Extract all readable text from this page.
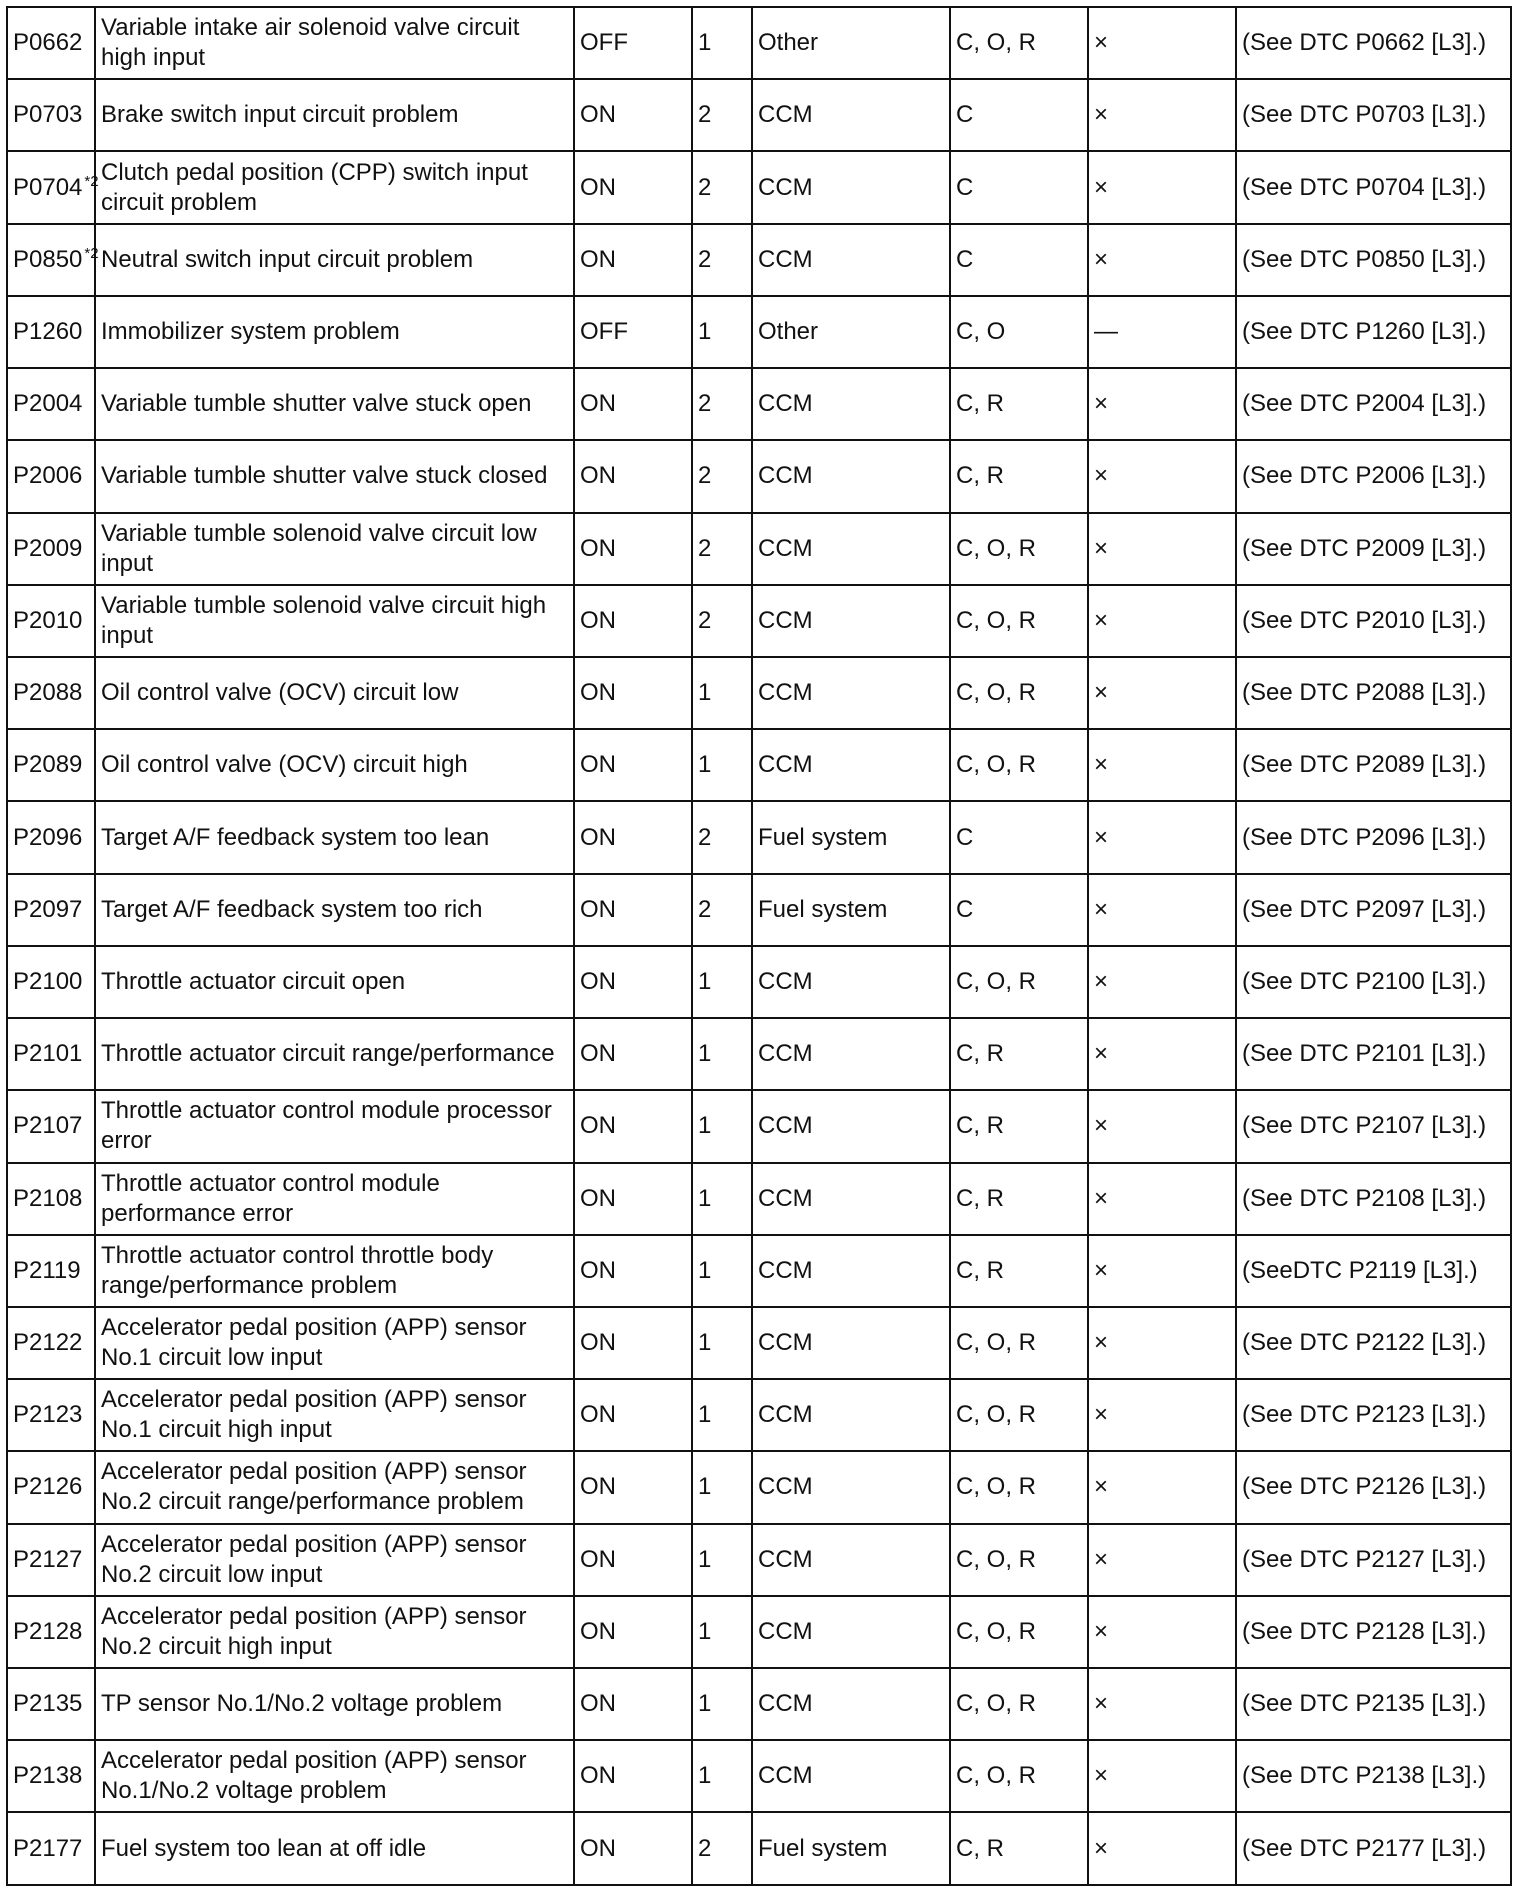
P0662	Variable intake air solenoid valve circuit high input	OFF	1	Other	C, O, R	×	(See DTC P0662 [L3].)
P0703	Brake switch input circuit problem	ON	2	CCM	C	×	(See DTC P0703 [L3].)
P0704 $^{*2}$	Clutch pedal position (CPP) switch input circuit problem	ON	2	CCM	C	×	(See DTC P0704 [L3].)
P0850 $^{*2}$	Neutral switch input circuit problem	ON	2	CCM	C	×	(See DTC P0850 [L3].)
P1260	Immobilizer system problem	OFF	1	Other	C, O	—	(See DTC P1260 [L3].)
P2004	Variable tumble shutter valve stuck open	ON	2	CCM	C, R	×	(See DTC P2004 [L3].)
P2006	Variable tumble shutter valve stuck closed	ON	2	CCM	C, R	×	(See DTC P2006 [L3].)
P2009	Variable tumble solenoid valve circuit low input	ON	2	CCM	C, O, R	×	(See DTC P2009 [L3].)
P2010	Variable tumble solenoid valve circuit high input	ON	2	CCM	C, O, R	×	(See DTC P2010 [L3].)
P2088	Oil control valve (OCV) circuit low	ON	1	CCM	C, O, R	×	(See DTC P2088 [L3].)
P2089	Oil control valve (OCV) circuit high	ON	1	CCM	C, O, R	×	(See DTC P2089 [L3].)
P2096	Target A/F feedback system too lean	ON	2	Fuel system	C	×	(See DTC P2096 [L3].)
P2097	Target A/F feedback system too rich	ON	2	Fuel system	C	×	(See DTC P2097 [L3].)
P2100	Throttle actuator circuit open	ON	1	CCM	C, O, R	×	(See DTC P2100 [L3].)
P2101	Throttle actuator circuit range/performance	ON	1	CCM	C, R	×	(See DTC P2101 [L3].)
P2107	Throttle actuator control module processor error	ON	1	CCM	C, R	×	(See DTC P2107 [L3].)
P2108	Throttle actuator control module performance error	ON	1	CCM	C, R	×	(See DTC P2108 [L3].)
P2119	Throttle actuator control throttle body range/performance problem	ON	1	CCM	C, R	×	(SeeDTC P2119 [L3].)
P2122	Accelerator pedal position (APP) sensor No.1 circuit low input	ON	1	CCM	C, O, R	×	(See DTC P2122 [L3].)
P2123	Accelerator pedal position (APP) sensor No.1 circuit high input	ON	1	CCM	C, O, R	×	(See DTC P2123 [L3].)
P2126	Accelerator pedal position (APP) sensor No.2 circuit range/performance problem	ON	1	CCM	C, O, R	×	(See DTC P2126 [L3].)
P2127	Accelerator pedal position (APP) sensor No.2 circuit low input	ON	1	CCM	C, O, R	×	(See DTC P2127 [L3].)
P2128	Accelerator pedal position (APP) sensor No.2 circuit high input	ON	1	CCM	C, O, R	×	(See DTC P2128 [L3].)
P2135	TP sensor No.1/No.2 voltage problem	ON	1	CCM	C, O, R	×	(See DTC P2135 [L3].)
P2138	Accelerator pedal position (APP) sensor No.1/No.2 voltage problem	ON	1	CCM	C, O, R	×	(See DTC P2138 [L3].)
P2177	Fuel system too lean at off idle	ON	2	Fuel system	C, R	×	(See DTC P2177 [L3].)
